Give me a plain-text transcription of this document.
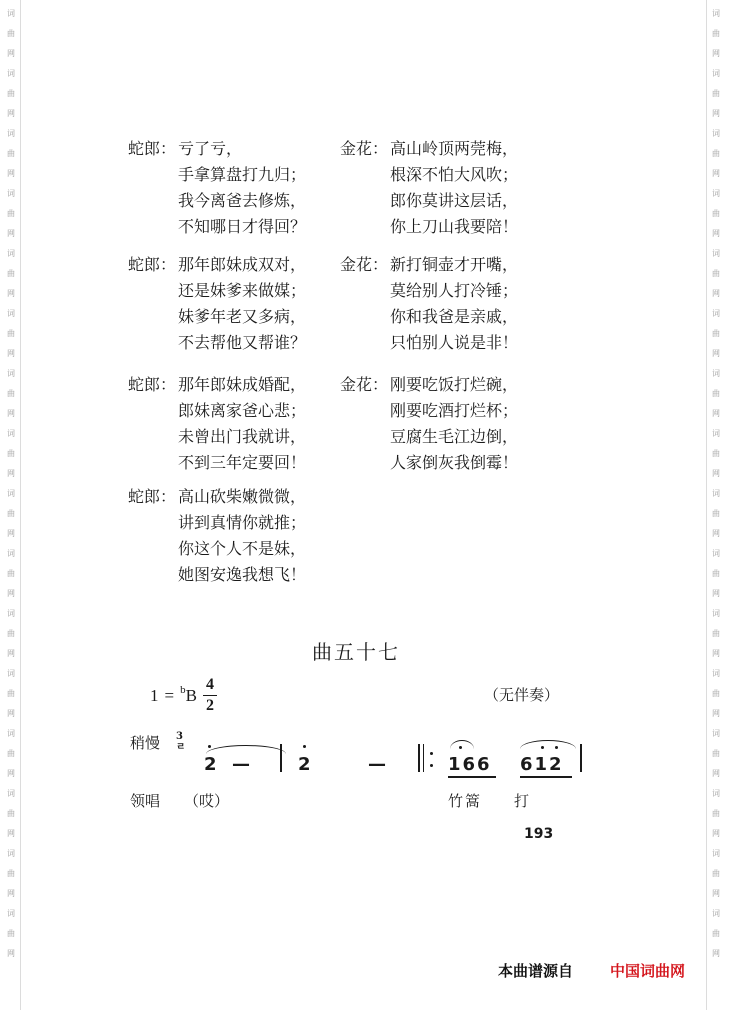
词
曲
网
词
曲
网
词
曲
网
词
曲
网
词
曲
网
词
曲
网
词
曲
网
词
曲
网
词
曲
网
词
曲
网
词
曲
网
词
曲
网
词
曲
网
词
曲
网
词
曲
网
词
曲
网
词
曲
网
词
曲
网
词
曲
网
词
曲
网
词
曲
网
词
曲
网
词
曲
网
词
曲
网
词
曲
网
词
曲
网
词
曲
网
词
曲
网
词
曲
网
词
曲
网
词
曲
网
词
曲
网
蛇郎： 亏了亏，
手拿算盘打九归；
我今离爸去修炼，
不知哪日才得回？
金花： 高山岭顶两莞梅，
根深不怕大风吹；
郎你莫讲这层话，
你上刀山我要陪！
蛇郎： 那年郎妹成双对，
还是妹爹来做媒；
妹爹年老又多病，
不去帮他又帮谁？
金花： 新打铜壶才开嘴，
莫给别人打冷锤；
你和我爸是亲戚，
只怕别人说是非！
蛇郎： 那年郎妹成婚配，
郎妹离家爸心悲；
未曾出门我就讲，
不到三年定要回！
金花： 刚要吃饭打烂碗，
刚要吃酒打烂杯；
豆腐生毛江边倒，
人家倒灰我倒霉！
蛇郎： 高山砍柴嫩微微，
讲到真情你就推；
你这个人不是妹，
她图安逸我想飞！
曲五十七
1 = b B $\frac{4}{2}$	（无伴奏）
稍慢 3
ㄹ
2 —	2	—	166 612
领唱 （哎）	竹篙 打
193
本曲谱源自 中国词曲网
